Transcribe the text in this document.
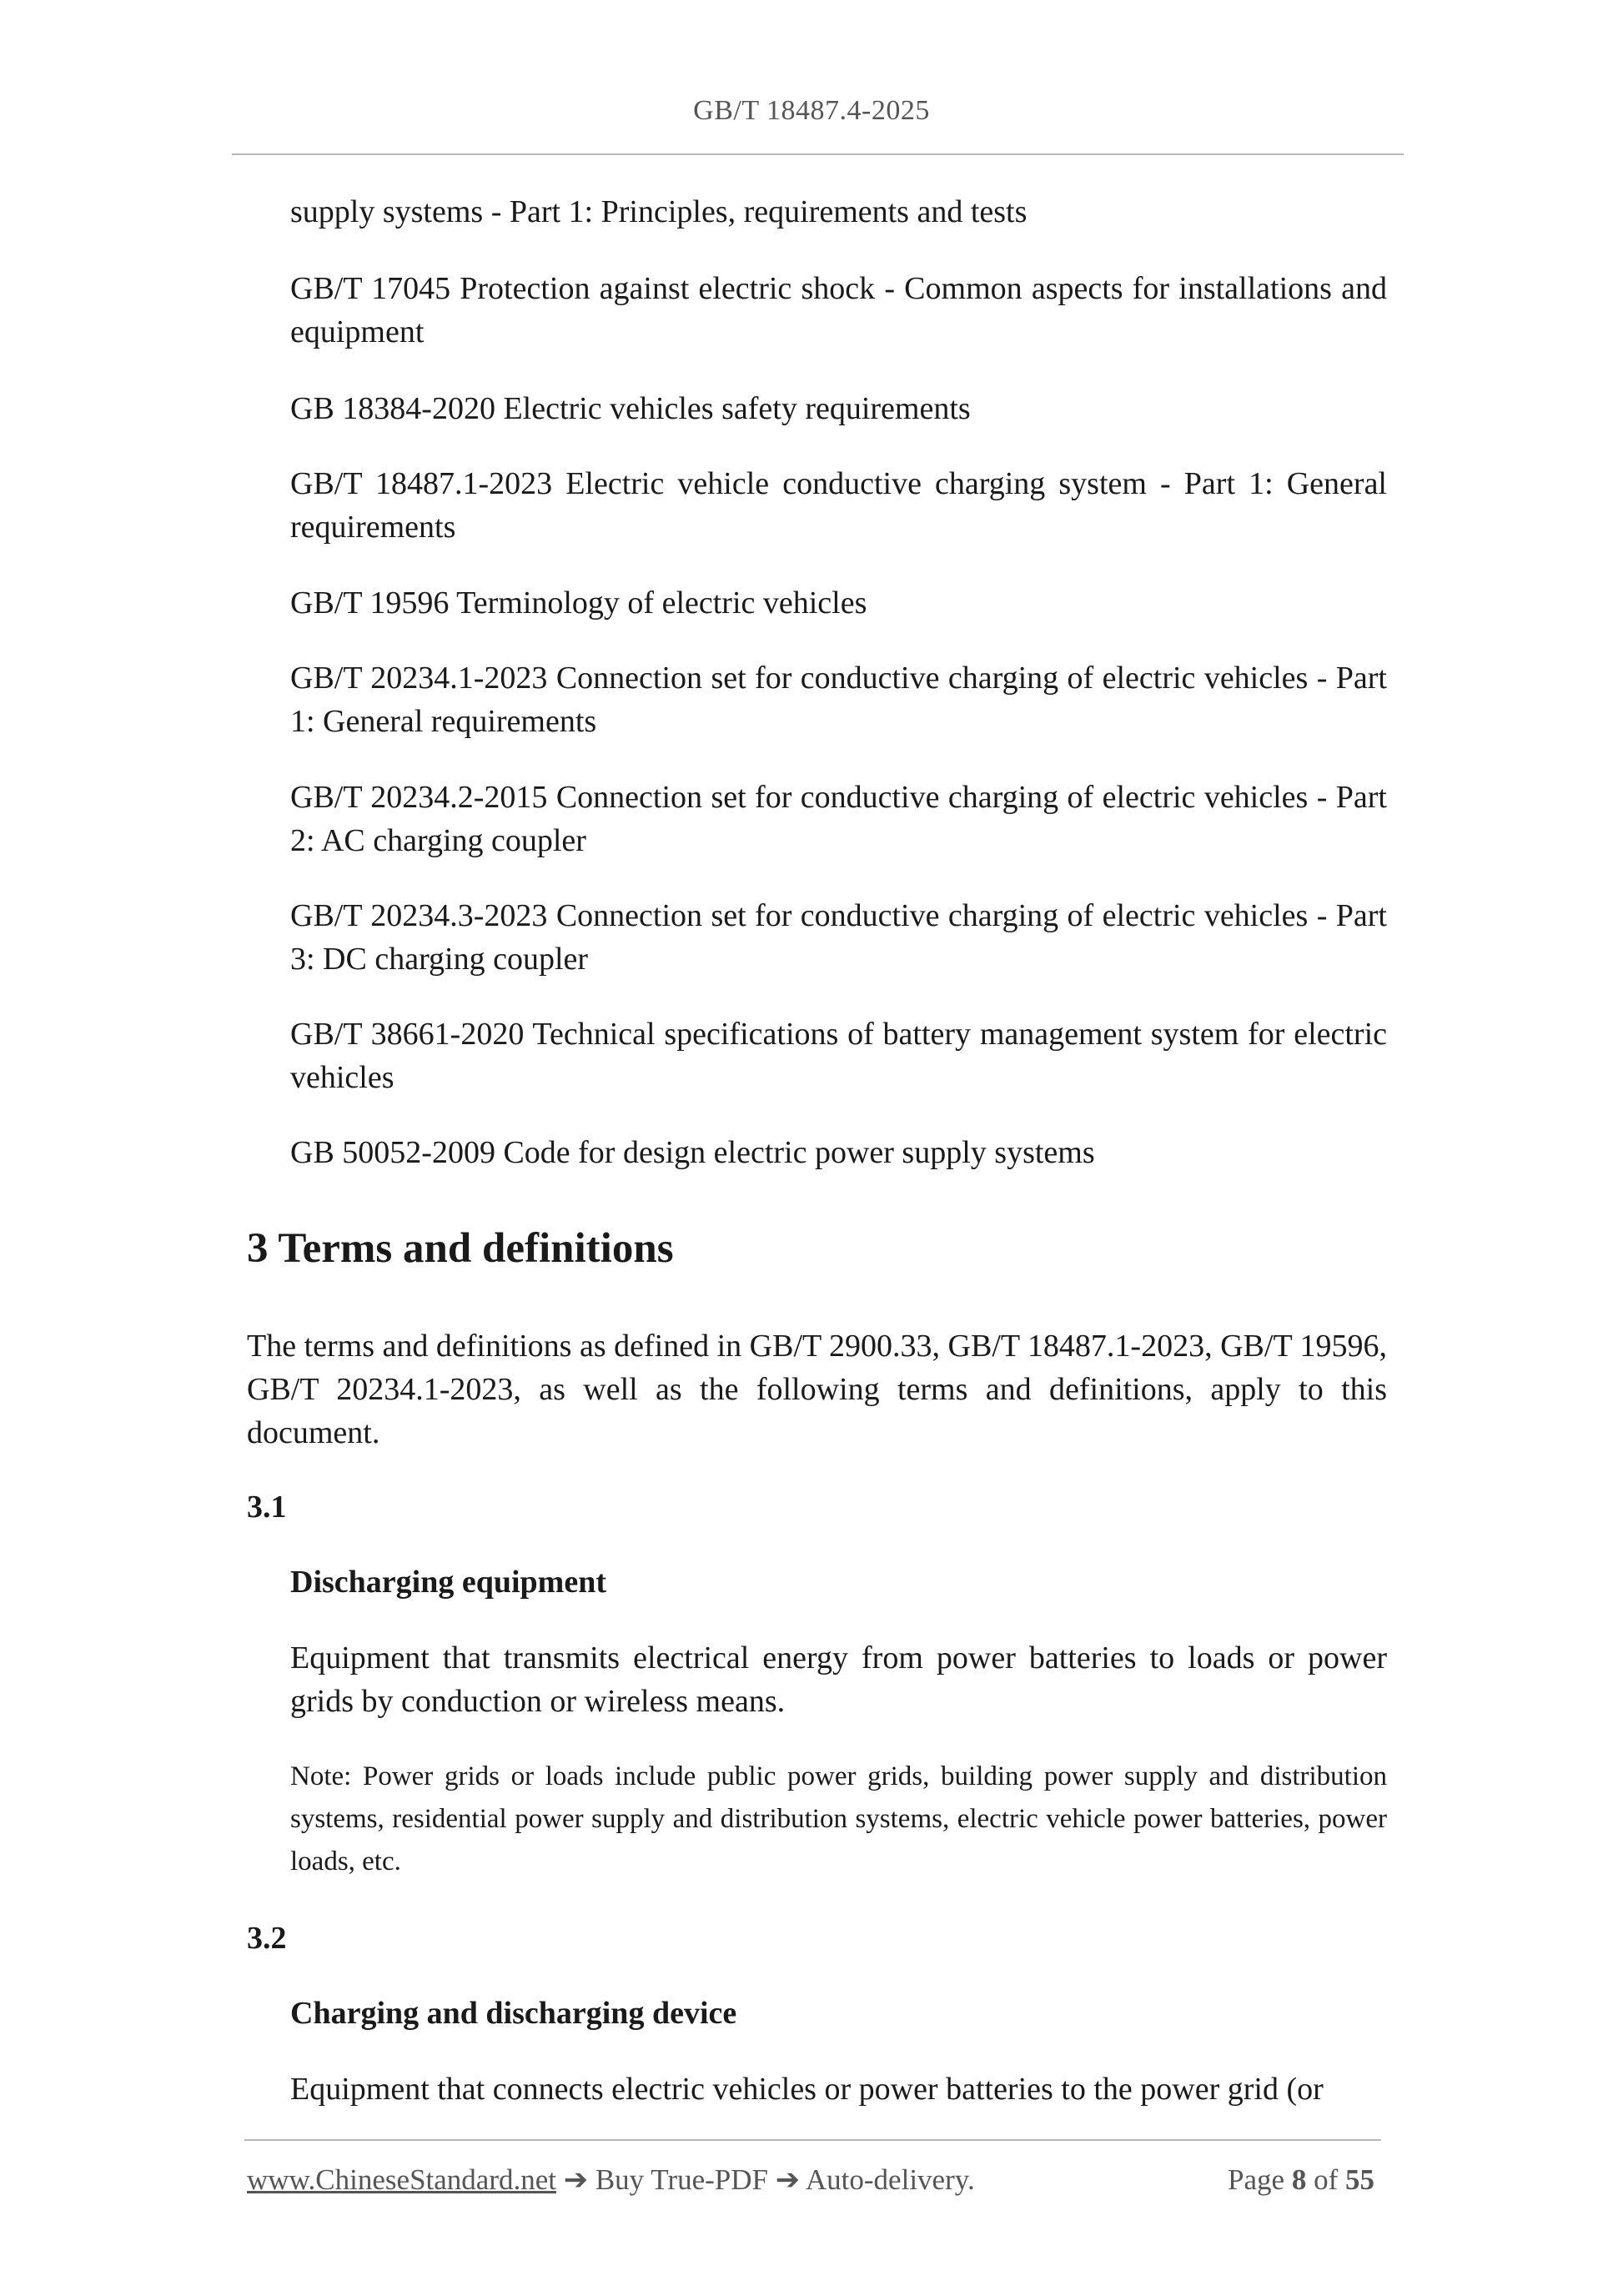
GB/T 18487.4-2025

supply systems - Part 1: Principles, requirements and tests

GB/T 17045 Protection against electric shock - Common aspects for installations and equipment

GB 18384-2020 Electric vehicles safety requirements

GB/T 18487.1-2023 Electric vehicle conductive charging system - Part 1: General requirements

GB/T 19596 Terminology of electric vehicles

GB/T 20234.1-2023 Connection set for conductive charging of electric vehicles - Part 1: General requirements

GB/T 20234.2-2015 Connection set for conductive charging of electric vehicles - Part 2: AC charging coupler

GB/T 20234.3-2023 Connection set for conductive charging of electric vehicles - Part 3: DC charging coupler

GB/T 38661-2020 Technical specifications of battery management system for electric vehicles

GB 50052-2009 Code for design electric power supply systems

3 Terms and definitions

The terms and definitions as defined in GB/T 2900.33, GB/T 18487.1-2023, GB/T 19596, GB/T 20234.1-2023, as well as the following terms and definitions, apply to this document.

3.1
Discharging equipment

Equipment that transmits electrical energy from power batteries to loads or power grids by conduction or wireless means.

Note: Power grids or loads include public power grids, building power supply and distribution systems, residential power supply and distribution systems, electric vehicle power batteries, power loads, etc.

3.2
Charging and discharging device

Equipment that connects electric vehicles or power batteries to the power grid (or

www.ChineseStandard.net ➔ Buy True-PDF ➔ Auto-delivery.	Page 8 of 55
